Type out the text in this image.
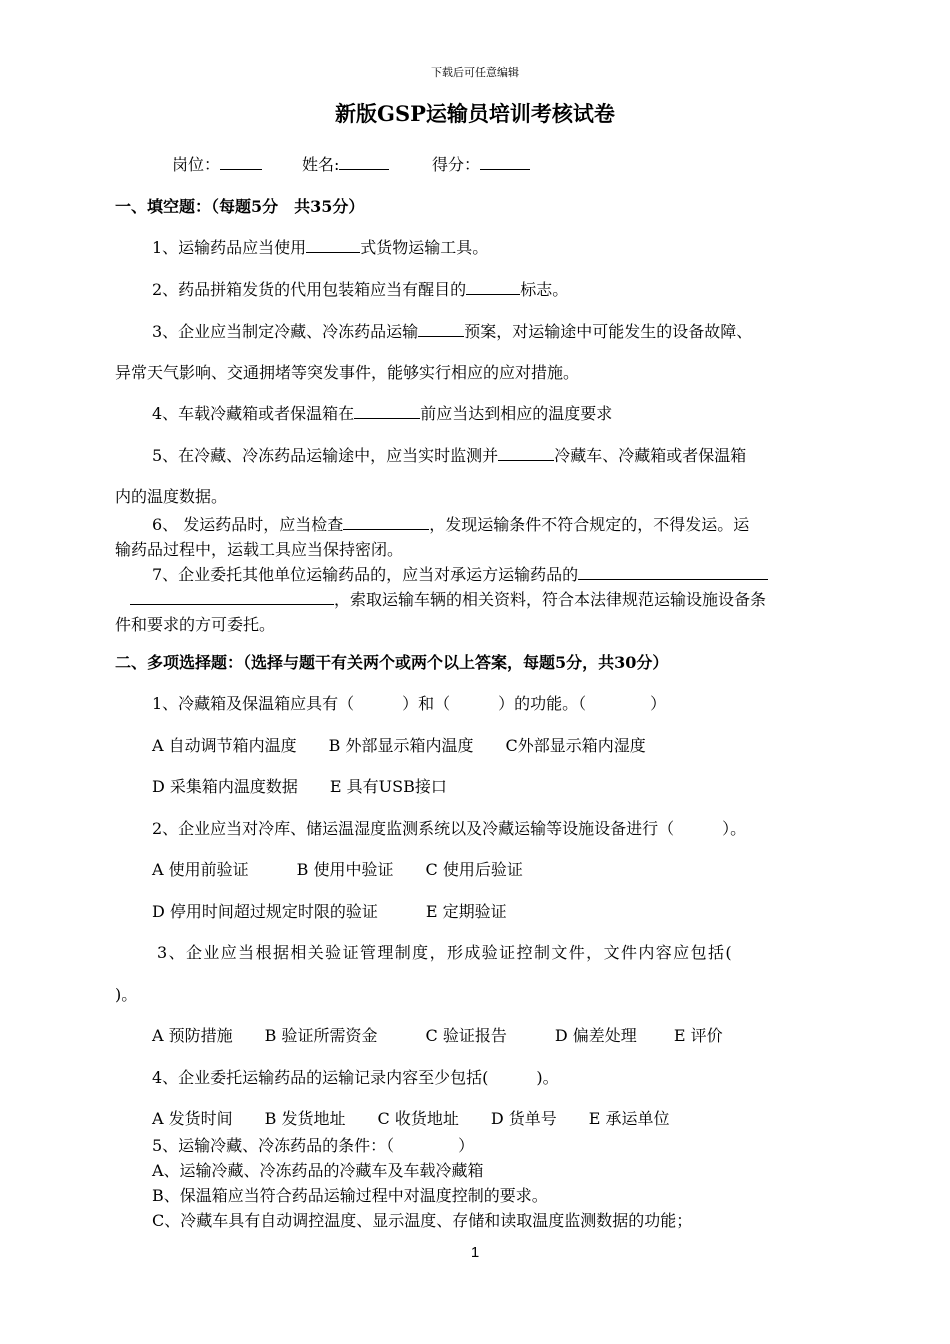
下载后可任意编辑
新版GSP运输员培训考核试卷
岗位：	姓名:	得分：
一、填空题：（每题5分　共35分）
1、运输药品应当使用	式货物运输工具。
2、药品拼箱发货的代用包装箱应当有醒目的	标志。
3、企业应当制定冷藏、冷冻药品运输	预案，对运输途中可能发生的设备故障、
异常天气影响、交通拥堵等突发事件，能够实行相应的应对措施。
4、车载冷藏箱或者保温箱在	前应当达到相应的温度要求
5、在冷藏、冷冻药品运输途中，应当实时监测并	冷藏车、冷藏箱或者保温箱
内的温度数据。
6、 发运药品时，应当检查	，发现运输条件不符合规定的，不得发运。运
输药品过程中，运载工具应当保持密闭。
7、企业委托其他单位运输药品的，应当对承运方运输药品的
，索取运输车辆的相关资料，符合本法律规范运输设施设备条
件和要求的方可委托。
二、多项选择题：（选择与题干有关两个或两个以上答案，每题5分，共30分）
1、冷藏箱及保温箱应具有（　　　）和（　　　）的功能。（　　　　）
A 自动调节箱内温度　　B 外部显示箱内温度　　C外部显示箱内湿度
D 采集箱内温度数据　　E 具有USB接口
2、企业应当对冷库、储运温湿度监测系统以及冷藏运输等设施设备进行（　　　）。
A 使用前验证　　　B 使用中验证　　C 使用后验证
D 停用时间超过规定时限的验证　　　E 定期验证
3、企业应当根据相关验证管理制度，形成验证控制文件，文件内容应包括(
)。
A 预防措施　　B 验证所需资金　　　C 验证报告　　　D 偏差处理　　 E 评价
4、企业委托运输药品的运输记录内容至少包括(　　　)。
A 发货时间　　B 发货地址　　C 收货地址　　D 货单号　　E 承运单位
5、运输冷藏、冷冻药品的条件：（　　　　）
A、运输冷藏、冷冻药品的冷藏车及车载冷藏箱
B、保温箱应当符合药品运输过程中对温度控制的要求。
C、冷藏车具有自动调控温度、显示温度、存储和读取温度监测数据的功能；
1
